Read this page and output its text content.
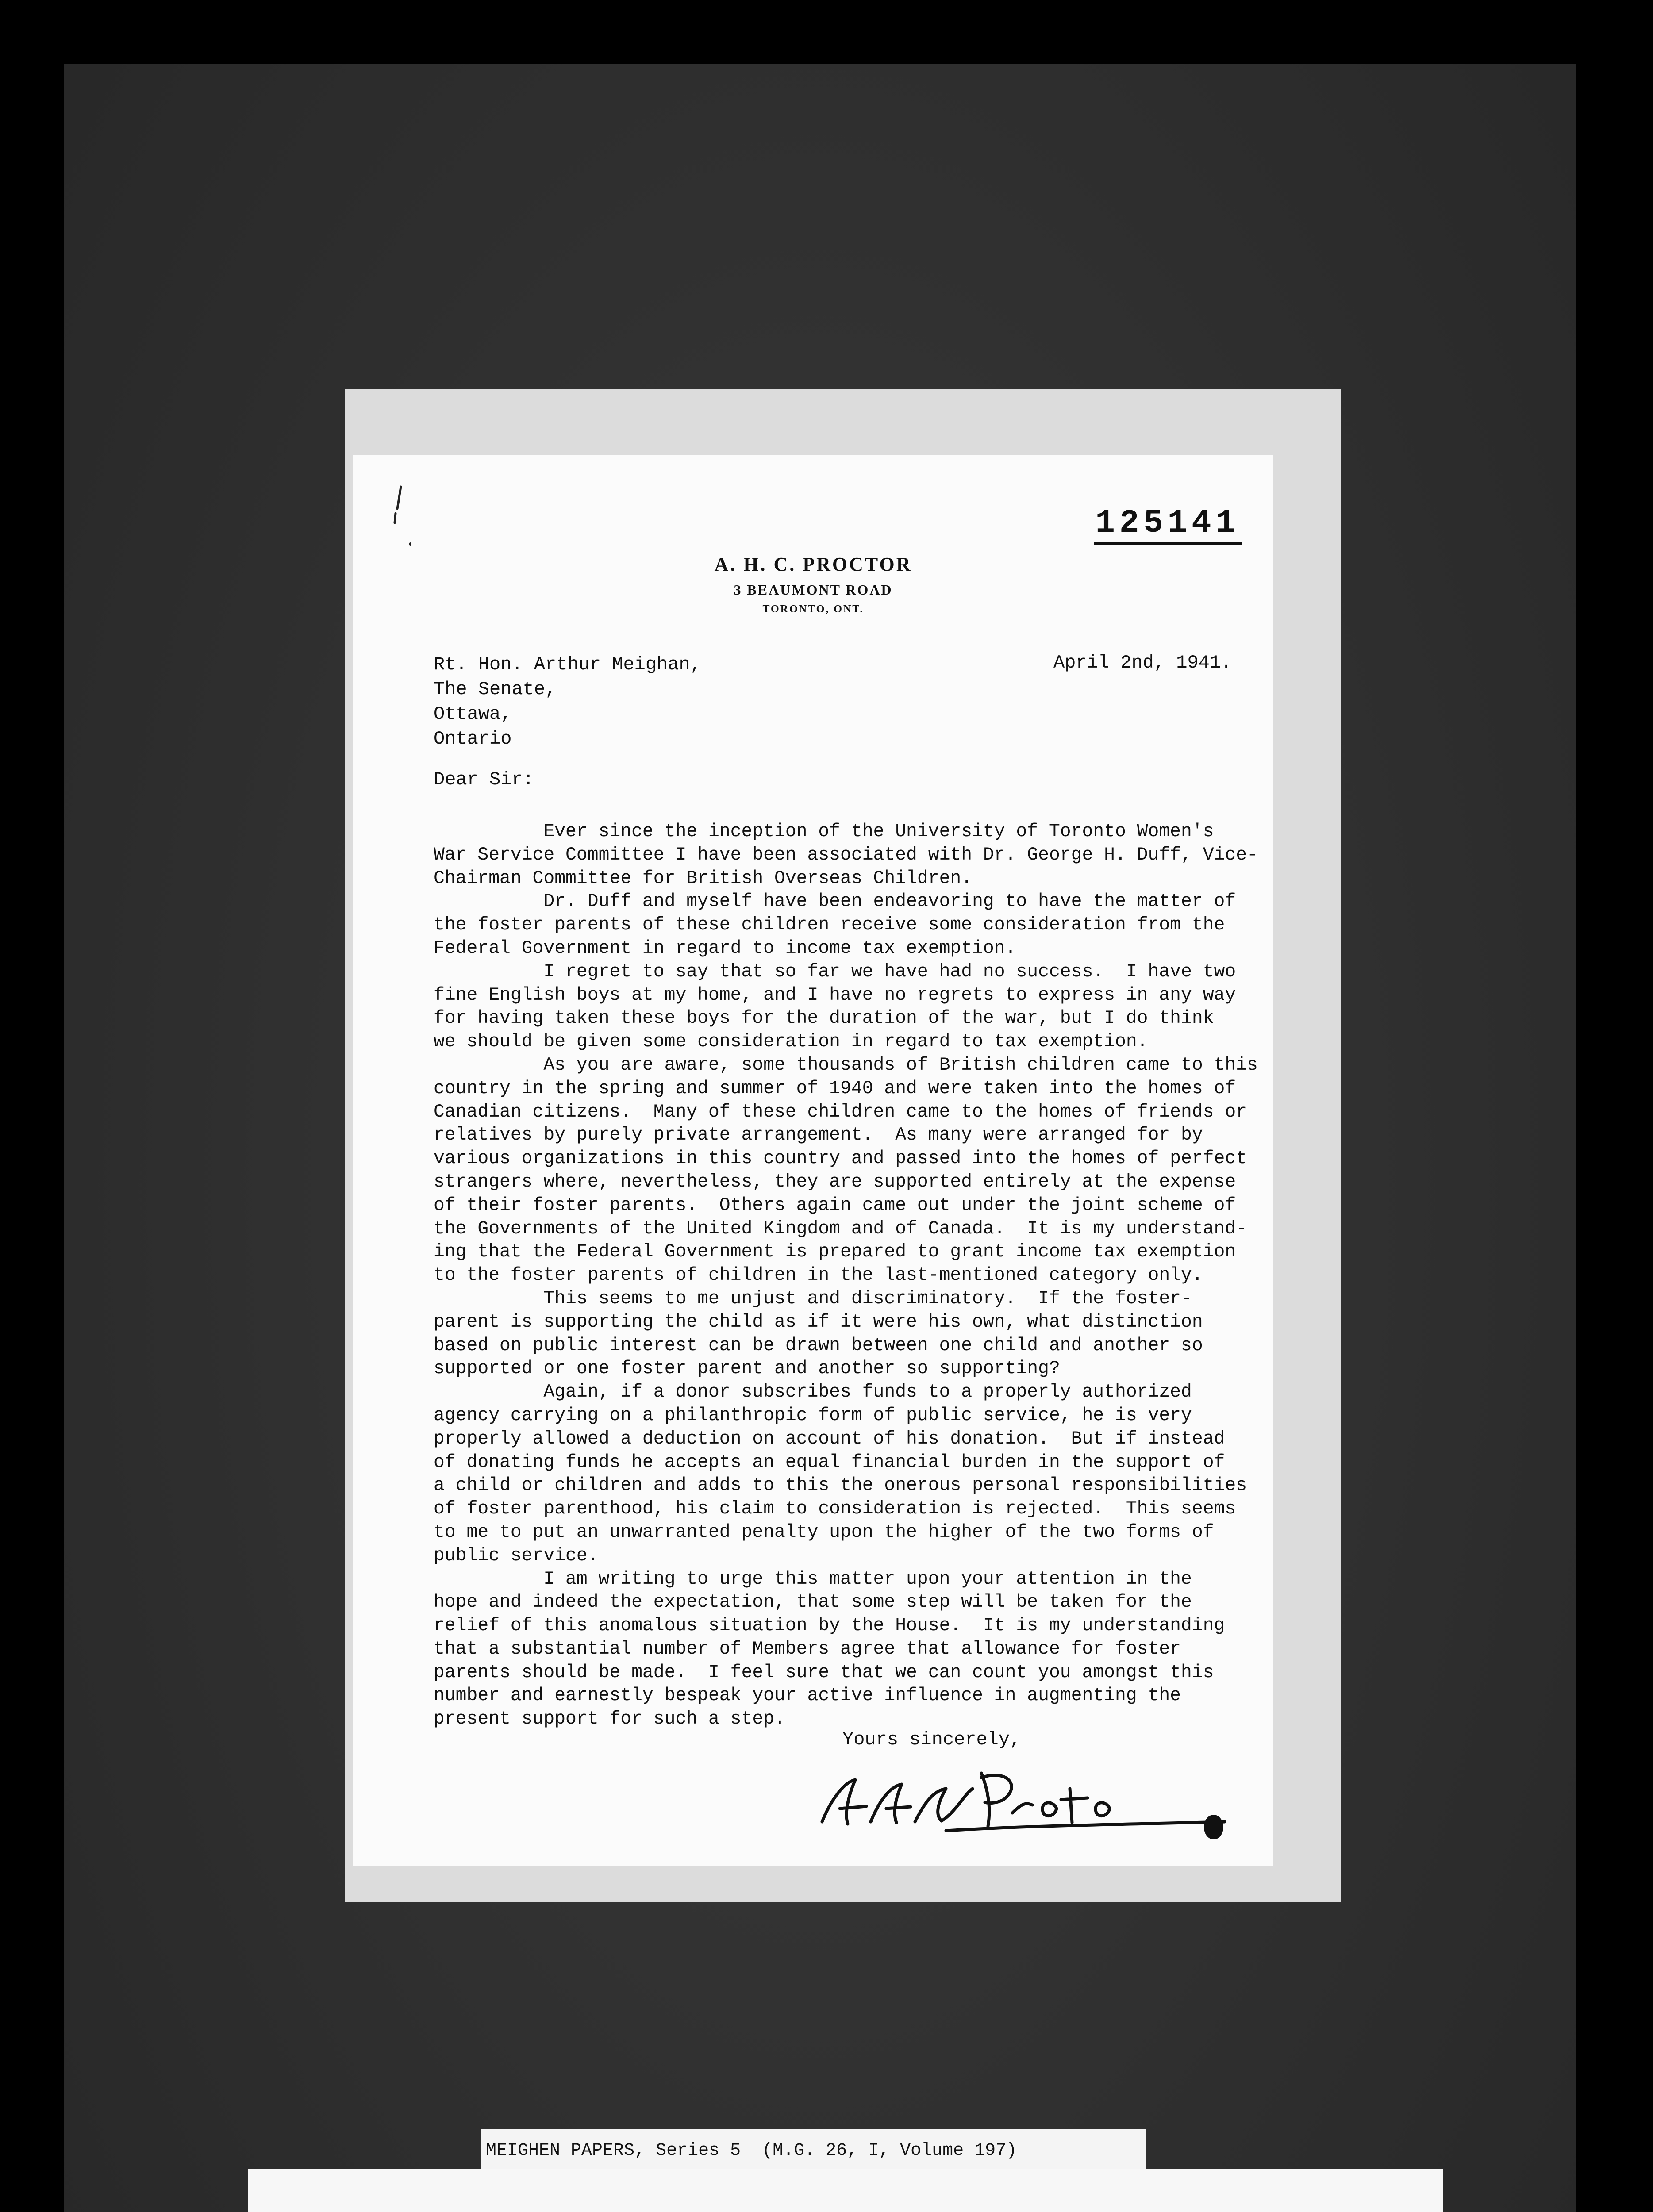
125141
A. H. C. PROCTOR
3 BEAUMONT ROAD
TORONTO, ONT.
April 2nd, 1941.
Rt. Hon. Arthur Meighan,
The Senate,
Ottawa,
Ontario
Dear Sir:
Ever since the inception of the University of Toronto Women's
War Service Committee I have been associated with Dr. George H. Duff, Vice-
Chairman Committee for British Overseas Children.
Dr. Duff and myself have been endeavoring to have the matter of
the foster parents of these children receive some consideration from the
Federal Government in regard to income tax exemption.
I regret to say that so far we have had no success.  I have two
fine English boys at my home, and I have no regrets to express in any way
for having taken these boys for the duration of the war, but I do think
we should be given some consideration in regard to tax exemption.
As you are aware, some thousands of British children came to this
country in the spring and summer of 1940 and were taken into the homes of
Canadian citizens.  Many of these children came to the homes of friends or
relatives by purely private arrangement.  As many were arranged for by
various organizations in this country and passed into the homes of perfect
strangers where, nevertheless, they are supported entirely at the expense
of their foster parents.  Others again came out under the joint scheme of
the Governments of the United Kingdom and of Canada.  It is my understand-
ing that the Federal Government is prepared to grant income tax exemption
to the foster parents of children in the last-mentioned category only.
This seems to me unjust and discriminatory.  If the foster-
parent is supporting the child as if it were his own, what distinction
based on public interest can be drawn between one child and another so
supported or one foster parent and another so supporting?
Again, if a donor subscribes funds to a properly authorized
agency carrying on a philanthropic form of public service, he is very
properly allowed a deduction on account of his donation.  But if instead
of donating funds he accepts an equal financial burden in the support of
a child or children and adds to this the onerous personal responsibilities
of foster parenthood, his claim to consideration is rejected.  This seems
to me to put an unwarranted penalty upon the higher of the two forms of
public service.
I am writing to urge this matter upon your attention in the
hope and indeed the expectation, that some step will be taken for the
relief of this anomalous situation by the House.  It is my understanding
that a substantial number of Members agree that allowance for foster
parents should be made.  I feel sure that we can count you amongst this
number and earnestly bespeak your active influence in augmenting the
present support for such a step.
Yours sincerely,
MEIGHEN PAPERS, Series 5  (M.G. 26, I, Volume 197)
